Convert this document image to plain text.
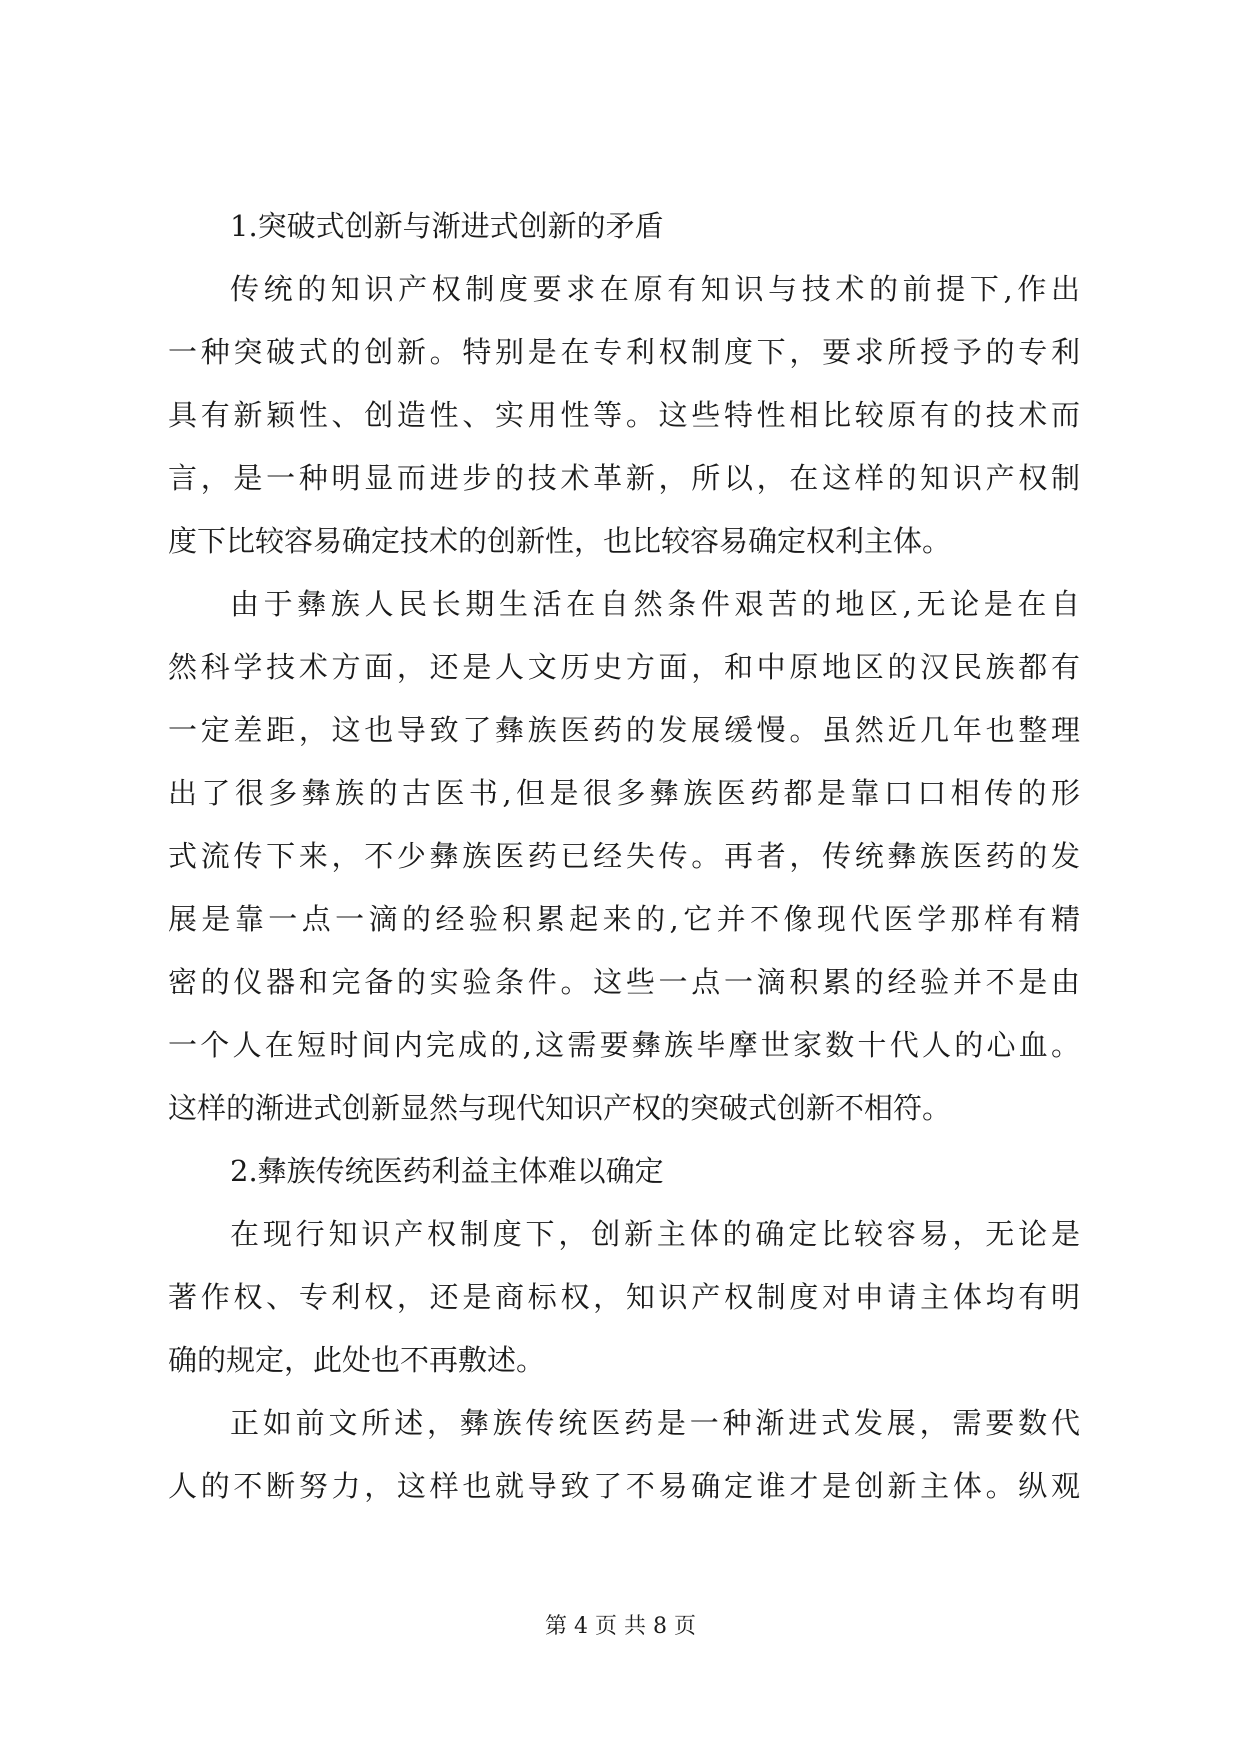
1.突破式创新与渐进式创新的矛盾
传统的知识产权制度要求在原有知识与技术的前提下,作出
一种突破式的创新。特别是在专利权制度下，要求所授予的专利
具有新颖性、创造性、实用性等。这些特性相比较原有的技术而
言，是一种明显而进步的技术革新，所以，在这样的知识产权制
度下比较容易确定技术的创新性，也比较容易确定权利主体。
由于彝族人民长期生活在自然条件艰苦的地区,无论是在自
然科学技术方面，还是人文历史方面，和中原地区的汉民族都有
一定差距，这也导致了彝族医药的发展缓慢。虽然近几年也整理
出了很多彝族的古医书,但是很多彝族医药都是靠口口相传的形
式流传下来，不少彝族医药已经失传。再者，传统彝族医药的发
展是靠一点一滴的经验积累起来的,它并不像现代医学那样有精
密的仪器和完备的实验条件。这些一点一滴积累的经验并不是由
一个人在短时间内完成的,这需要彝族毕摩世家数十代人的心血。
这样的渐进式创新显然与现代知识产权的突破式创新不相符。
2.彝族传统医药利益主体难以确定
在现行知识产权制度下，创新主体的确定比较容易，无论是
著作权、专利权，还是商标权，知识产权制度对申请主体均有明
确的规定，此处也不再敷述。
正如前文所述，彝族传统医药是一种渐进式发展，需要数代
人的不断努力，这样也就导致了不易确定谁才是创新主体。纵观
第 4 页 共 8 页
